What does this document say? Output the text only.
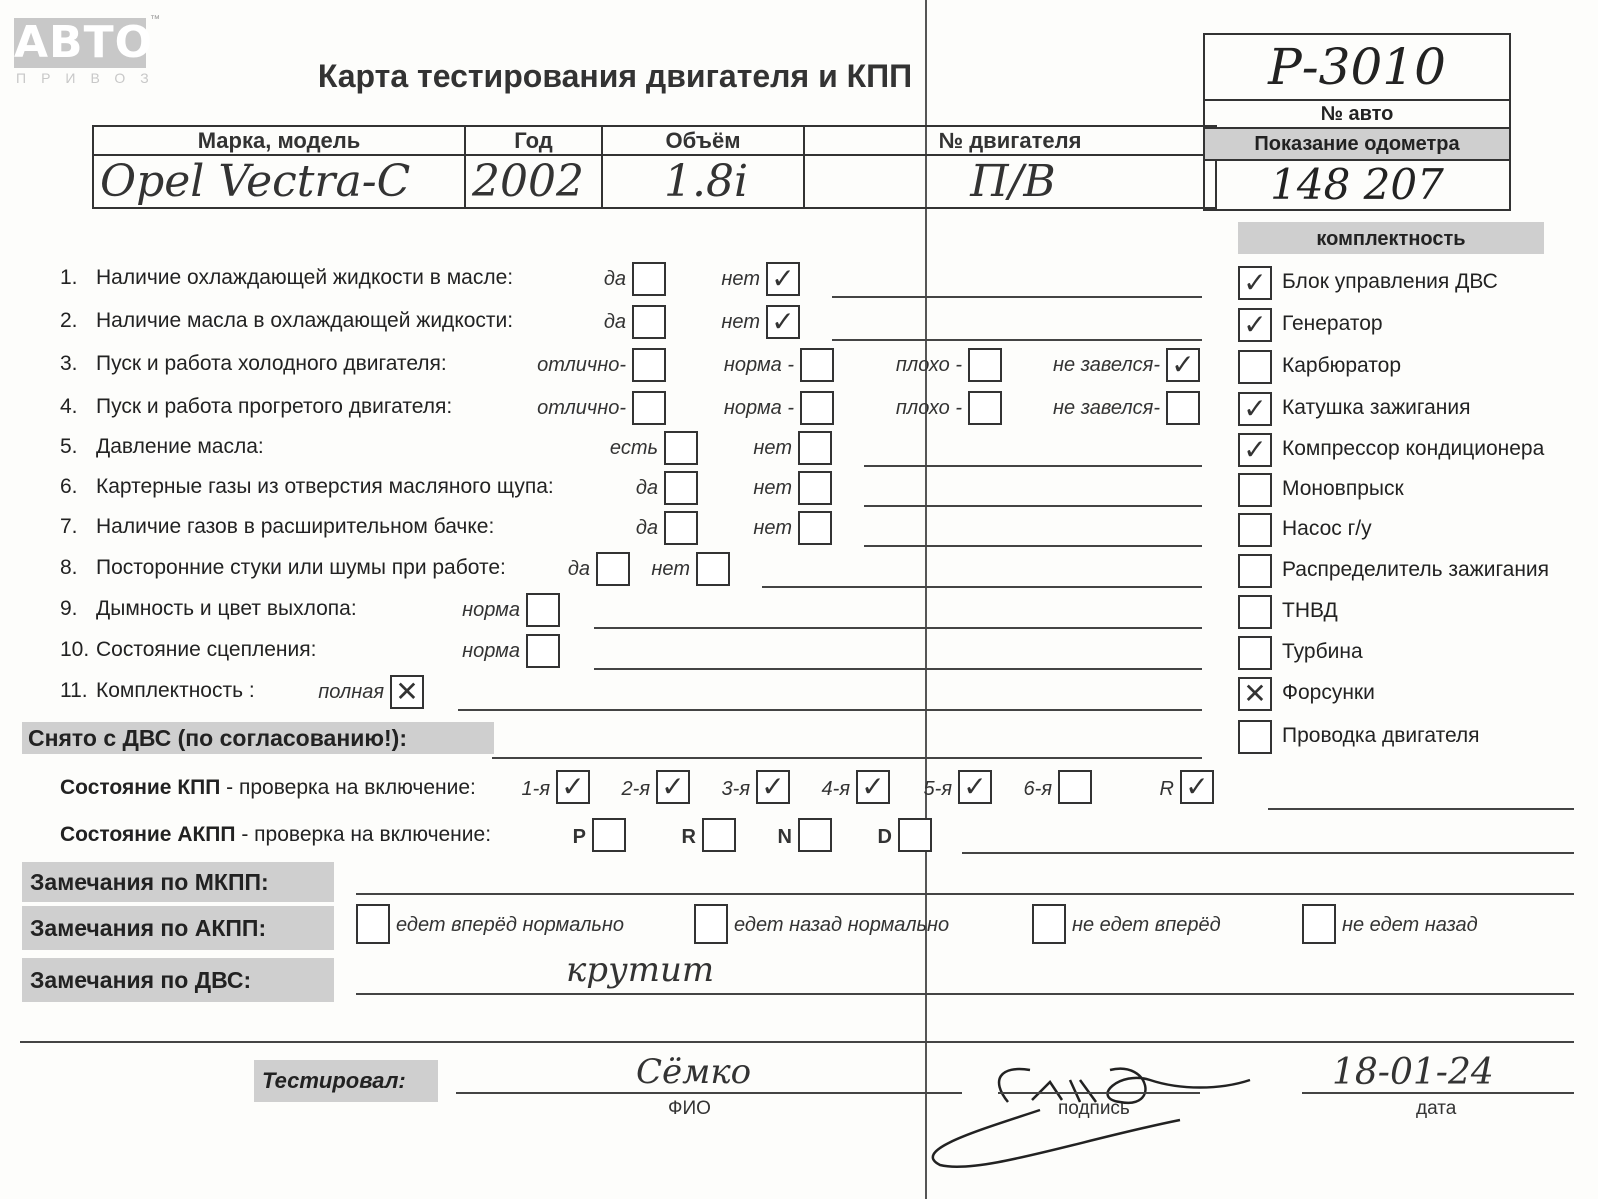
АВТО
™
ПРИВОЗ	Карта тестирования двигателя и КПП
Марка, модель	Год	Объём	№ двигателя
Opel Vectra-C	2002	1.8i	П/В
Р-3010
№ авто
Показание одометра
148 207
комплектность
1. Наличие охлаждающей жидкости в масле:	да	нет ✓
2. Наличие масла в охлаждающей жидкости:	да	нет ✓
3. Пуск и работа холодного двигателя:	отлично-	норма -	плохо -	не завелся- ✓
4. Пуск и работа прогретого двигателя:	отлично-	норма -	плохо -	не завелся-
5. Давление масла:	есть	нет
6. Картерные газы из отверстия масляного щупа:	да	нет
7. Наличие газов в расширительном бачке:	да	нет
8. Посторонние стуки или шумы при работе:	да	нет
9. Дымность и цвет выхлопа:	норма
10. Состояние сцепления:	норма
11. Комплектность :	полная ✕
✓ Блок управления ДВС
✓ Генератор
Карбюратор
✓ Катушка зажигания
✓ Компрессор кондиционера
Моновпрыск
Насос г/у
Распределитель зажигания
ТНВД
Турбина
✕ Форсунки
Проводка двигателя
Снято с ДВС (по согласованию!):
Состояние КПП - проверка на включение:	1-я ✓	2-я ✓	3-я ✓	4-я ✓	5-я ✓	6-я	R ✓
Состояние АКПП - проверка на включение:	P	R	N	D
Замечания по МКПП:
Замечания по АКПП:	едет вперёд нормально	едет назад нормально	не едет вперёд	не едет назад
Замечания по ДВС:	крутит
Тестировал:	Сёмко
ФИО	подпись
18-01-24
дата
